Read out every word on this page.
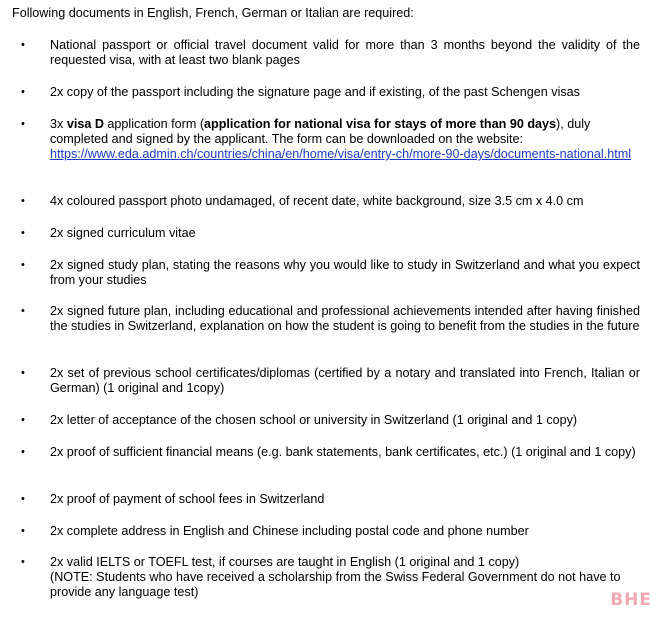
Following documents in English, French, German or Italian are required:
• National passport or official travel document valid for more than 3 months beyond the validity of the requested visa, with at least two blank pages
• 2x copy of the passport including the signature page and if existing, of the past Schengen visas
• 3x visa D application form (application for national visa for stays of more than 90 days), duly completed and signed by the applicant. The form can be downloaded on the website:
https://www.eda.admin.ch/countries/china/en/home/visa/entry-ch/more-90-days/documents-national.html
• 4x coloured passport photo undamaged, of recent date, white background, size 3.5 cm x 4.0 cm
• 2x signed curriculum vitae
• 2x signed study plan, stating the reasons why you would like to study in Switzerland and what you expect from your studies
• 2x signed future plan, including educational and professional achievements intended after having finished the studies in Switzerland, explanation on how the student is going to benefit from the studies in the future
• 2x set of previous school certificates/diplomas (certified by a notary and translated into French, Italian or German) (1 original and 1copy)
• 2x letter of acceptance of the chosen school or university in Switzerland (1 original and 1 copy)
• 2x proof of sufficient financial means (e.g. bank statements, bank certificates, etc.) (1 original and 1 copy)
• 2x proof of payment of school fees in Switzerland
• 2x complete address in English and Chinese including postal code and phone number
• 2x valid IELTS or TOEFL test, if courses are taught in English (1 original and 1 copy)
(NOTE: Students who have received a scholarship from the Swiss Federal Government do not have to provide any language test)	BHE
